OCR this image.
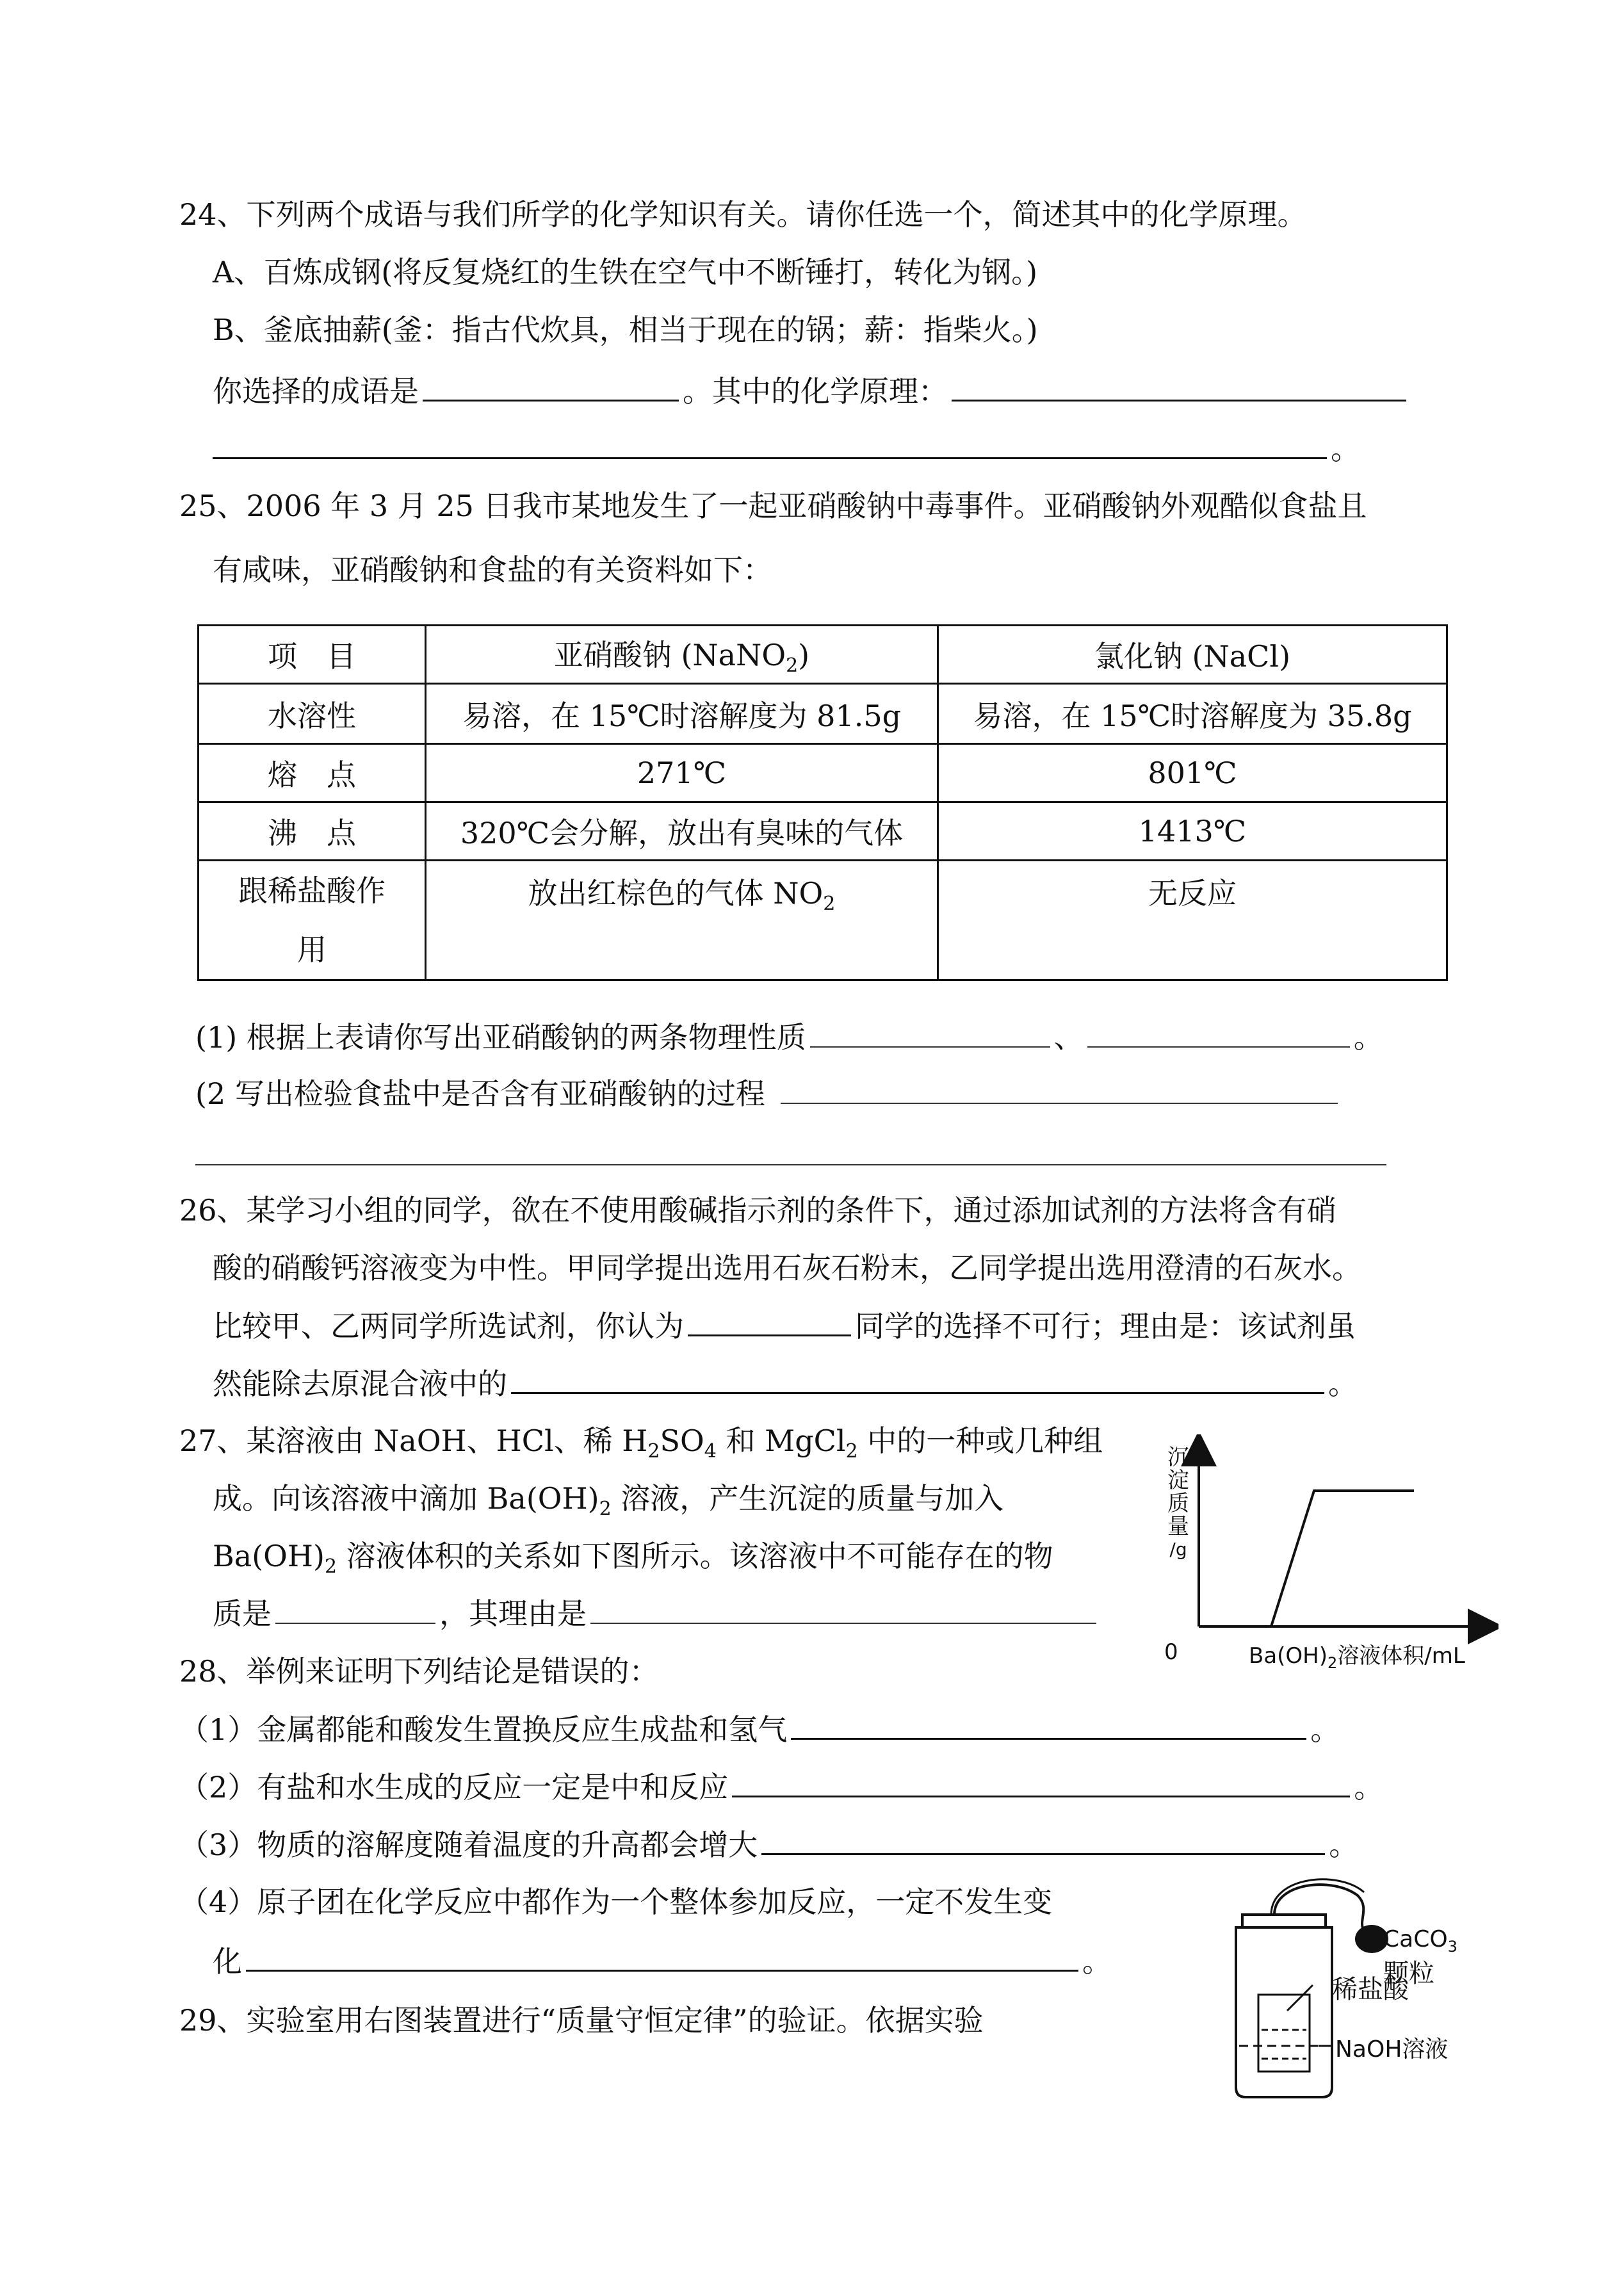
24、下列两个成语与我们所学的化学知识有关。请你任选一个，简述其中的化学原理。
A、百炼成钢(将反复烧红的生铁在空气中不断锤打，转化为钢。)
B、釜底抽薪(釜：指古代炊具，相当于现在的锅；薪：指柴火。)
你选择的成语是	。其中的化学原理：
。
25、2006 年 3 月 25 日我市某地发生了一起亚硝酸钠中毒事件。亚硝酸钠外观酷似食盐且
有咸味，亚硝酸钠和食盐的有关资料如下：
项　目	亚硝酸钠 (NaNO$_2$)	氯化钠 (NaCl)
水溶性	易溶，在 15℃时溶解度为 81.5g	易溶，在 15℃时溶解度为 35.8g
熔　点	271℃	801℃
沸　点	320℃会分解，放出有臭味的气体	1413℃
跟稀盐酸作
用	放出红棕色的气体 $NO_2$	无反应
(1) 根据上表请你写出亚硝酸钠的两条物理性质	、	。
(2 写出检验食盐中是否含有亚硝酸钠的过程
26、某学习小组的同学，欲在不使用酸碱指示剂的条件下，通过添加试剂的方法将含有硝
酸的硝酸钙溶液变为中性。甲同学提出选用石灰石粉末，乙同学提出选用澄清的石灰水。
比较甲、乙两同学所选试剂，你认为	同学的选择不可行；理由是：该试剂虽
然能除去原混合液中的	。
27、某溶液由 NaOH、HCl、稀 $H_2SO_4$ 和 MgCl$_2$ 中的一种或几种组
成。向该溶液中滴加 $Ba(OH)_2$ 溶液，产生沉淀的质量与加入
$Ba(OH)_2$ 溶液体积的关系如下图所示。该溶液中不可能存在的物
质是	，其理由是
沉
淀
质
量
/g
0	$Ba(OH)_2$溶液体积/mL
28、举例来证明下列结论是错误的：
（1）金属都能和酸发生置换反应生成盐和氢气	。
（2）有盐和水生成的反应一定是中和反应	。
（3）物质的溶解度随着温度的升高都会增大	。
（4）原子团在化学反应中都作为一个整体参加反应，一定不发生变
化	。
29、实验室用右图装置进行“质量守恒定律”的验证。依据实验
CaCO$_3$
颗粒
稀盐酸
NaOH溶液
